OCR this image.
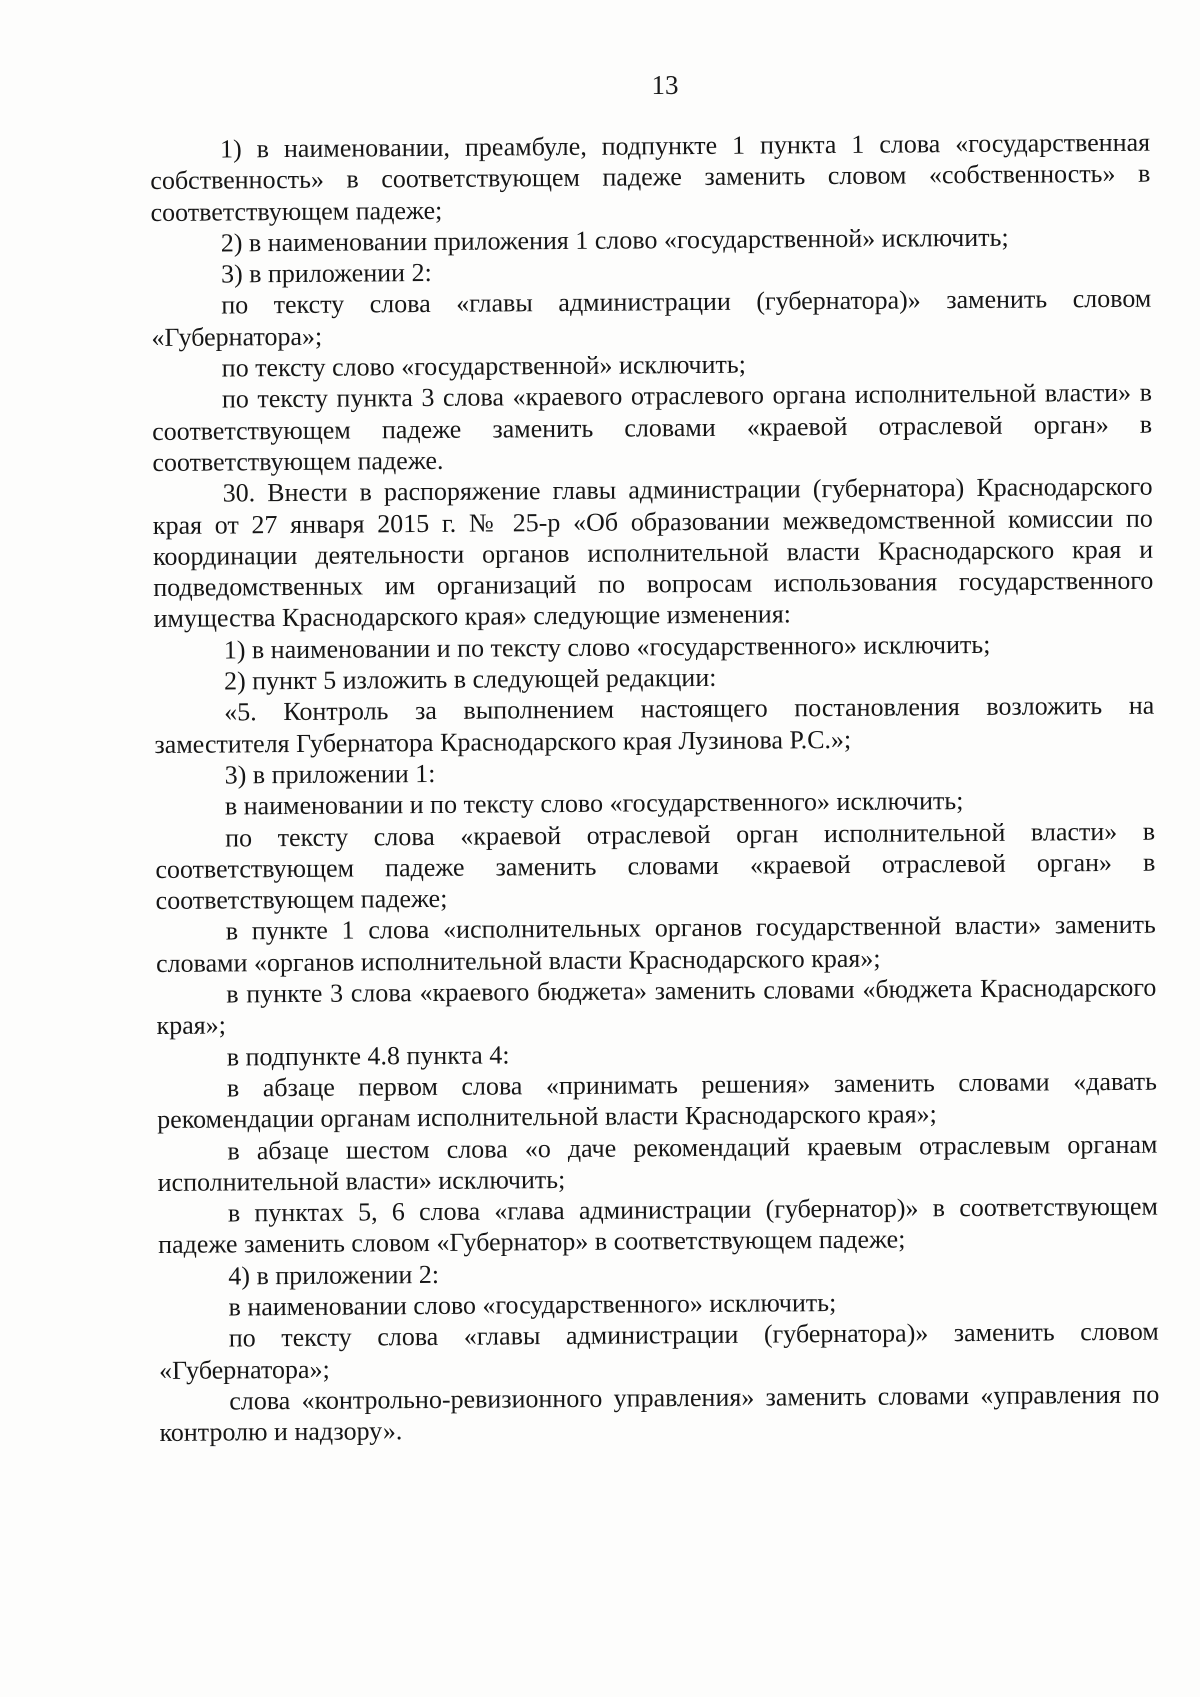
13

1) в наименовании, преамбуле, подпункте 1 пункта 1 слова «государственная собственность» в соответствующем падеже заменить словом «собственность» в соответствующем падеже;

2) в наименовании приложения 1 слово «государственной» исключить;

3) в приложении 2:

по тексту слова «главы администрации (губернатора)» заменить словом «Губернатора»;

по тексту слово «государственной» исключить;

по тексту пункта 3 слова «краевого отраслевого органа исполнительной власти» в соответствующем падеже заменить словами «краевой отраслевой орган» в соответствующем падеже.

30. Внести в распоряжение главы администрации (губернатора) Краснодарского края от 27 января 2015 г. № 25-р «Об образовании межведомственной комиссии по координации деятельности органов исполнительной власти Краснодарского края и подведомственных им организаций по вопросам использования государственного имущества Краснодарского края» следующие изменения:

1) в наименовании и по тексту слово «государственного» исключить;

2) пункт 5 изложить в следующей редакции:

«5. Контроль за выполнением настоящего постановления возложить на заместителя Губернатора Краснодарского края Лузинова Р.С.»;

3) в приложении 1:

в наименовании и по тексту слово «государственного» исключить;

по тексту слова «краевой отраслевой орган исполнительной власти» в соответствующем падеже заменить словами «краевой отраслевой орган» в соответствующем падеже;

в пункте 1 слова «исполнительных органов государственной власти» заменить словами «органов исполнительной власти Краснодарского края»;

в пункте 3 слова «краевого бюджета» заменить словами «бюджета Краснодарского края»;

в подпункте 4.8 пункта 4:

в абзаце первом слова «принимать решения» заменить словами «давать рекомендации органам исполнительной власти Краснодарского края»;

в абзаце шестом слова «о даче рекомендаций краевым отраслевым органам исполнительной власти» исключить;

в пунктах 5, 6 слова «глава администрации (губернатор)» в соответствующем падеже заменить словом «Губернатор» в соответствующем падеже;

4) в приложении 2:

в наименовании слово «государственного» исключить;

по тексту слова «главы администрации (губернатора)» заменить словом «Губернатора»;

слова «контрольно-ревизионного управления» заменить словами «управления по контролю и надзору».
